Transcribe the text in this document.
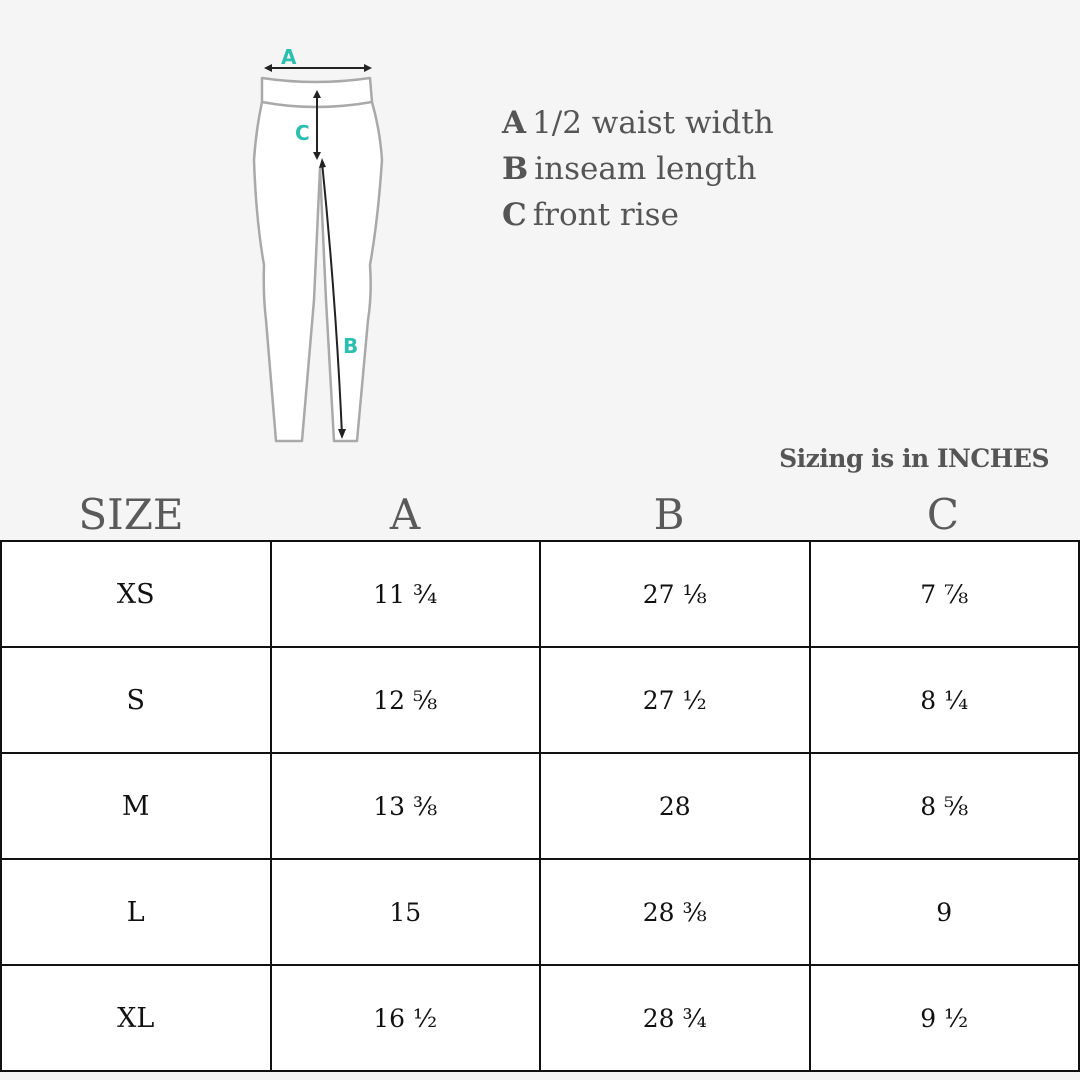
A
C
B
A 1/2 waist width
B inseam length
C front rise
Sizing is in INCHES
SIZE	A	B	C
XS	11 ¾	27 ⅛	7 ⅞
S	12 ⅝	27 ½	8 ¼
M	13 ⅜	28	8 ⅝
L	15	28 ⅜	9
XL	16 ½	28 ¾	9 ½
